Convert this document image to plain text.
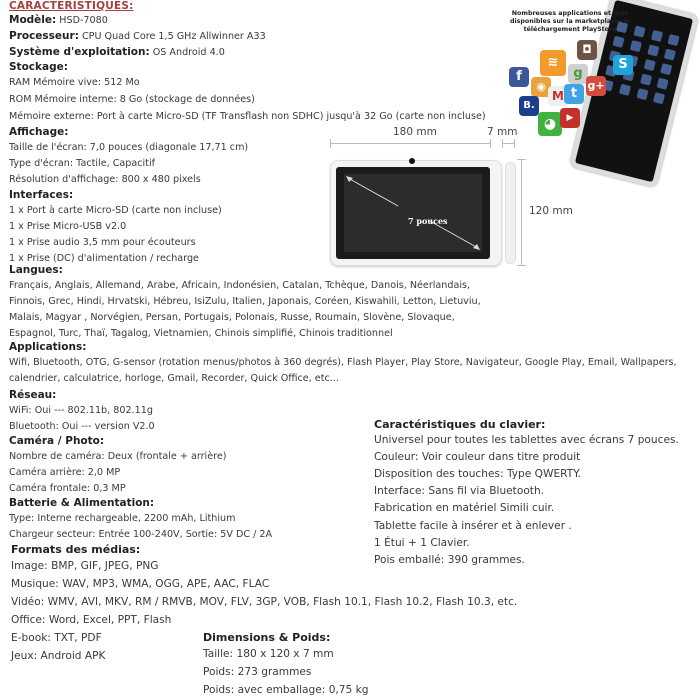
CARACTERISTIQUES:
Modèle: HSD-7080
Processeur: CPU Quad Core 1,5 GHz Allwinner A33
Système d'exploitation: OS Android 4.0
Stockage:
RAM Mémoire vive: 512 Mo
ROM Mémoire interne: 8 Go (stockage de données)
Mémoire externe: Port à carte Micro-SD (TF Transflash non SDHC) jusqu'à 32 Go (carte non incluse)
Affichage:
Taille de l'écran: 7,0 pouces (diagonale 17,71 cm)
Type d'écran: Tactile, Capacitif
Résolution d'affichage: 800 x 480 pixels
Interfaces:
1 x Port à carte Micro-SD (carte non incluse)
1 x Prise Micro-USB v2.0
1 x Prise audio 3,5 mm pour écouteurs
1 x Prise (DC) d'alimentation / recharge
Langues:
Français, Anglais, Allemand, Arabe, Africain, Indonésien, Catalan, Tchèque, Danois, Néerlandais,
Finnois, Grec, Hindi, Hrvatski, Hébreu, IsiZulu, Italien, Japonais, Coréen, Kiswahili, Letton, Lietuviu,
Malais, Magyar , Norvégien, Persan, Portugais, Polonais, Russe, Roumain, Slovène, Slovaque,
Espagnol, Turc, Thaï, Tagalog, Vietnamien, Chinois simplifié, Chinois traditionnel
Applications:
Wifi, Bluetooth, OTG, G-sensor (rotation menus/photos à 360 degrés), Flash Player, Play Store, Navigateur, Google Play, Email, Wallpapers,
calendrier, calculatrice, horloge, Gmail, Recorder, Quick Office, etc...
Réseau:
WiFi: Oui --- 802.11b, 802.11g
Bluetooth: Oui --- version V2.0
Caméra / Photo:
Nombre de caméra: Deux (frontale + arrière)
Caméra arrière: 2,0 MP
Caméra frontale: 0,3 MP
Batterie & Alimentation:
Type: Interne rechargeable, 2200 mAh, Lithium
Chargeur secteur: Entrée 100-240V, Sortie: 5V DC / 2A
Formats des médias:
Image: BMP, GIF, JPEG, PNG
Musique: WAV, MP3, WMA, OGG, APE, AAC, FLAC
Vidéo: WMV, AVI, MKV, RM / RMVB, MOV, FLV, 3GP, VOB, Flash 10.1, Flash 10.2, Flash 10.3, etc.
Office: Word, Excel, PPT, Flash
E-book: TXT, PDF
Jeux: Android APK
Dimensions & Poids:
Taille: 180 x 120 x 7 mm
Poids: 273 grammes
Poids: avec emballage: 0,75 kg
Caractéristiques du clavier:
Universel pour toutes les tablettes avec écrans 7 pouces.
Couleur: Voir couleur dans titre produit
Disposition des touches: Type QWERTY.
Interface: Sans fil via Bluetooth.
Fabrication en matériel Simili cuir.
Tablette facile à insérer et à enlever .
1 Étui + 1 Clavier.
Pois emballé: 390 grammes.
180 mm	7 mm
7 pouces
120 mm
Nombreuses applications et jeux disponibles sur la marketplace de téléchargement PlayStore
f
◉
≋
g
◘
S
g+
M t
B.
◕	▶
